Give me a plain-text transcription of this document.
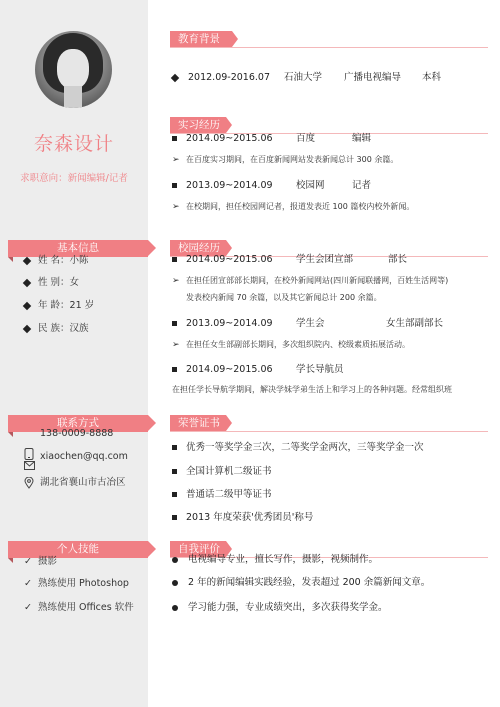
奈森设计
求职意向：新闻编辑/记者
基本信息
姓 名：小陈
性 别：女
年 龄：21 岁
民 族：汉族
联系方式
138-0009-8888
xiaochen@qq.com
湖北省襄山市古冶区
个人技能
✓ 摄影
✓ 熟练使用 Photoshop
✓ 熟练使用 Offices 软件
教育背景
2012.09-2016.07 石油大学 广播电视编导 本科
实习经历
2014.09~2015.06 百度	编辑
➢ 在百度实习期间，在百度新闻网站发表新闻总计 300 余篇。
2013.09~2014.09 校园网	记者
➢ 在校期间，担任校园网记者，报道发表近 100 篇校内校外新闻。
校园经历
2014.09~2015.06 学生会团宣部	部长
➢ 在担任团宣部部长期间，在校外新闻网站(四川新闻联播网，百姓生活网等)
发表校内新闻 70 余篇，以及其它新闻总计 200 余篇。
2013.09~2014.09 学生会	女生部副部长
➢ 在担任女生部副部长期间，多次组织院内、校级素质拓展活动。
2014.09~2015.06 学长导航员
在担任学长导航学期间，解决学妹学弟生活上和学习上的各种问题。经常组织班
荣誉证书
优秀一等奖学金三次，二等奖学金两次，三等奖学金一次
全国计算机二级证书
普通话二级甲等证书
2013 年度荣获'优秀团员'称号
自我评价
电视编导专业，擅长写作，摄影，视频制作。
2 年的新闻编辑实践经验，发表超过 200 余篇新闻文章。
学习能力强，专业成绩突出，多次获得奖学金。
